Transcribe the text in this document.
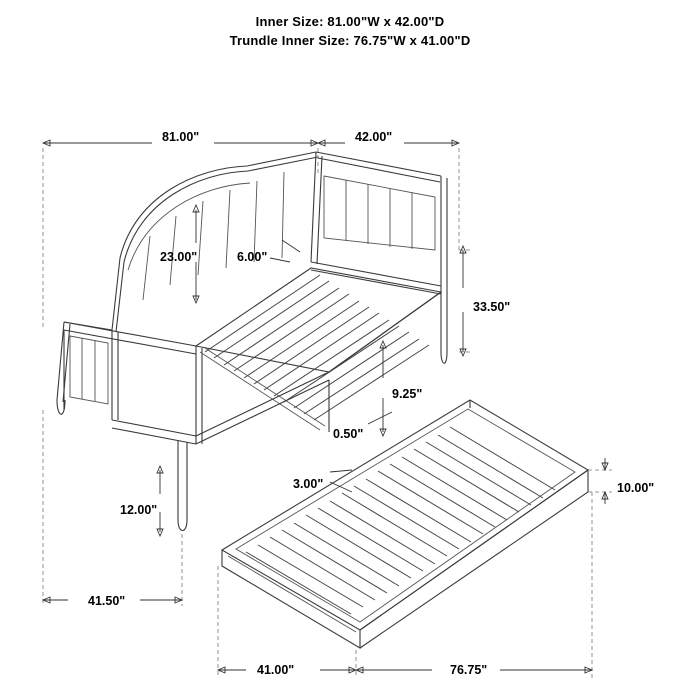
Inner Size: 81.00"W x 42.00"D
Trundle Inner Size: 76.75"W x 41.00"D
81.00"	42.00"
23.00"	6.00"
33.50"
9.25"
0.50"
3.00"	10.00"
12.00"
41.50"
41.00"	76.75"
